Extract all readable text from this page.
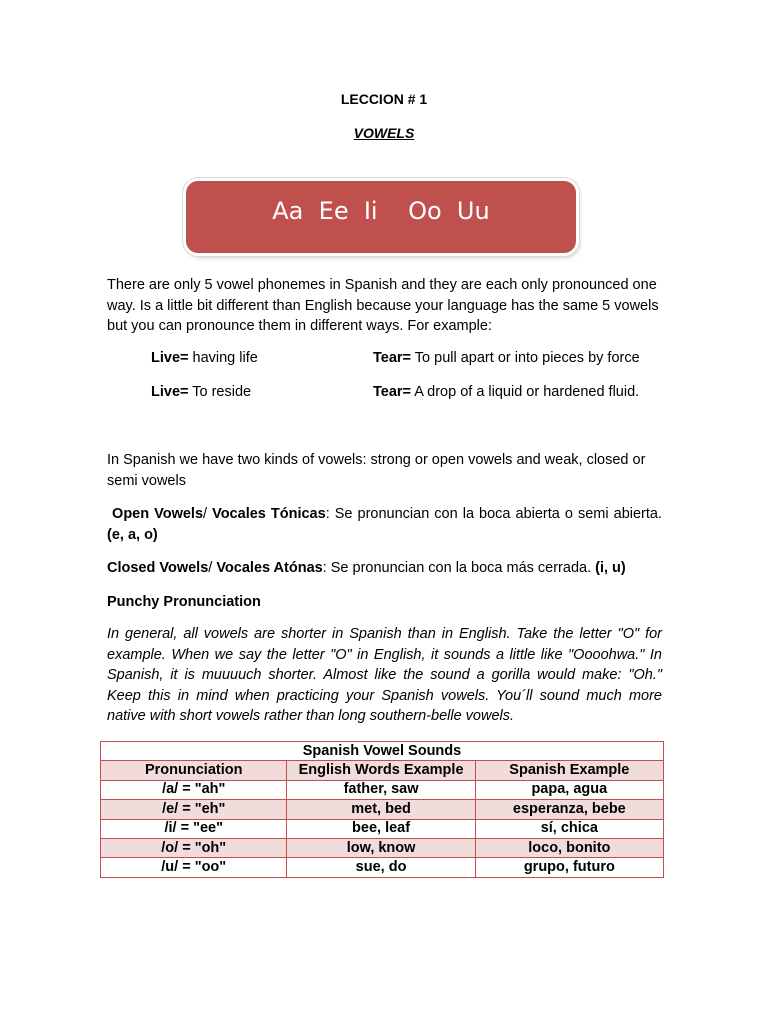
LECCION # 1
VOWELS
Aa  Ee  Ii    Oo  Uu
There are only 5 vowel phonemes in Spanish and they are each only pronounced one way. Is a little bit different than English because your language has the same 5 vowels but you can pronounce them in different ways. For example:
Live= having life	Tear= To pull apart or into pieces by force
Live= To reside	Tear= A drop of a liquid or hardened fluid.
In Spanish we have two kinds of vowels: strong or open vowels and weak, closed or semi vowels
Open Vowels/ Vocales Tónicas: Se pronuncian con la boca abierta o semi abierta. (e, a, o)
Closed Vowels/ Vocales Atónas: Se pronuncian con la boca más cerrada. (i, u)
Punchy Pronunciation
In general, all vowels are shorter in Spanish than in English. Take the letter "O" for example. When we say the letter "O" in English, it sounds a little like "Oooohwa." In Spanish, it is muuuuch shorter. Almost like the sound a gorilla would make: "Oh." Keep this in mind when practicing your Spanish vowels. You´ll sound much more native with short vowels rather than long southern-belle vowels.
Spanish Vowel Sounds		
Pronunciation	English Words Example	Spanish Example
/a/ = "ah"	father, saw	papa, agua
/e/ = "eh"	met, bed	esperanza, bebe
/i/ = "ee"	bee, leaf	sí, chica
/o/ = "oh"	low, know	loco, bonito
/u/ = "oo"	sue, do	grupo, futuro
